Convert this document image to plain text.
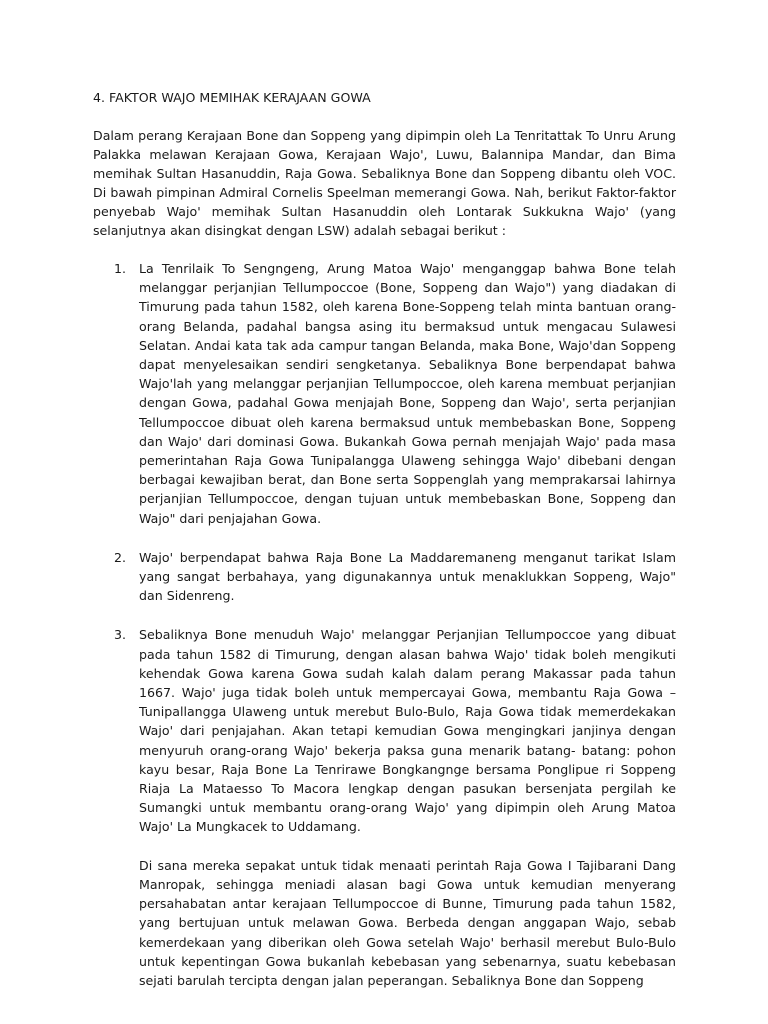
4. FAKTOR WAJO MEMIHAK KERAJAAN GOWA

Dalam perang Kerajaan Bone dan Soppeng yang dipimpin oleh La Tenritattak To Unru Arung Palakka melawan Kerajaan Gowa, Kerajaan Wajo', Luwu, Balannipa Mandar, dan Bima memihak Sultan Hasanuddin, Raja Gowa. Sebaliknya Bone dan Soppeng dibantu oleh VOC. Di bawah pimpinan Admiral Cornelis Speelman memerangi Gowa. Nah, berikut Faktor-faktor penyebab Wajo' memihak Sultan Hasanuddin oleh Lontarak Sukkukna Wajo' (yang selanjutnya akan disingkat dengan LSW) adalah sebagai berikut :

1. La Tenrilaik To Sengngeng, Arung Matoa Wajo' menganggap bahwa Bone telah melanggar perjanjian Tellumpoccoe (Bone, Soppeng dan Wajo") yang diadakan di Timurung pada tahun 1582, oleh karena Bone-Soppeng telah minta bantuan orang-orang Belanda, padahal bangsa asing itu bermaksud untuk mengacau Sulawesi Selatan. Andai kata tak ada campur tangan Belanda, maka Bone, Wajo'dan Soppeng dapat menyelesaikan sendiri sengketanya. Sebaliknya Bone berpendapat bahwa Wajo'lah yang melanggar perjanjian Tellumpoccoe, oleh karena membuat perjanjian dengan Gowa, padahal Gowa menjajah Bone, Soppeng dan Wajo', serta perjanjian Tellumpoccoe dibuat oleh karena bermaksud untuk membebaskan Bone, Soppeng dan Wajo' dari dominasi Gowa. Bukankah Gowa pernah menjajah Wajo' pada masa pemerintahan Raja Gowa Tunipalangga Ulaweng sehingga Wajo' dibebani dengan berbagai kewajiban berat, dan Bone serta Soppenglah yang memprakarsai lahirnya perjanjian Tellumpoccoe, dengan tujuan untuk membebaskan Bone, Soppeng dan Wajo" dari penjajahan Gowa.

2. Wajo' berpendapat bahwa Raja Bone La Maddaremaneng menganut tarikat Islam yang sangat berbahaya, yang digunakannya untuk menaklukkan Soppeng, Wajo" dan Sidenreng.

3. Sebaliknya Bone menuduh Wajo' melanggar Perjanjian Tellumpoccoe yang dibuat pada tahun 1582 di Timurung, dengan alasan bahwa Wajo' tidak boleh mengikuti kehendak Gowa karena Gowa sudah kalah dalam perang Makassar pada tahun 1667. Wajo' juga tidak boleh untuk mempercayai Gowa, membantu Raja Gowa – Tunipallangga Ulaweng untuk merebut Bulo-Bulo, Raja Gowa tidak memerdekakan Wajo' dari penjajahan. Akan tetapi kemudian Gowa mengingkari janjinya dengan menyuruh orang-orang Wajo' bekerja paksa guna menarik batang- batang: pohon kayu besar, Raja Bone La Tenrirawe Bongkangnge bersama Ponglipue ri Soppeng Riaja La Mataesso To Macora lengkap dengan pasukan bersenjata pergilah ke Sumangki untuk membantu orang-orang Wajo' yang dipimpin oleh Arung Matoa Wajo' La Mungkacek to Uddamang.

Di sana mereka sepakat untuk tidak menaati perintah Raja Gowa I Tajibarani Dang Manropak, sehingga meniadi alasan bagi Gowa untuk kemudian menyerang persahabatan antar kerajaan Tellumpoccoe di Bunne, Timurung pada tahun 1582, yang bertujuan untuk melawan Gowa. Berbeda dengan anggapan Wajo, sebab kemerdekaan yang diberikan oleh Gowa setelah Wajo' berhasil merebut Bulo-Bulo untuk kepentingan Gowa bukanlah kebebasan yang sebenarnya, suatu kebebasan sejati barulah tercipta dengan jalan peperangan. Sebaliknya Bone dan Soppeng
